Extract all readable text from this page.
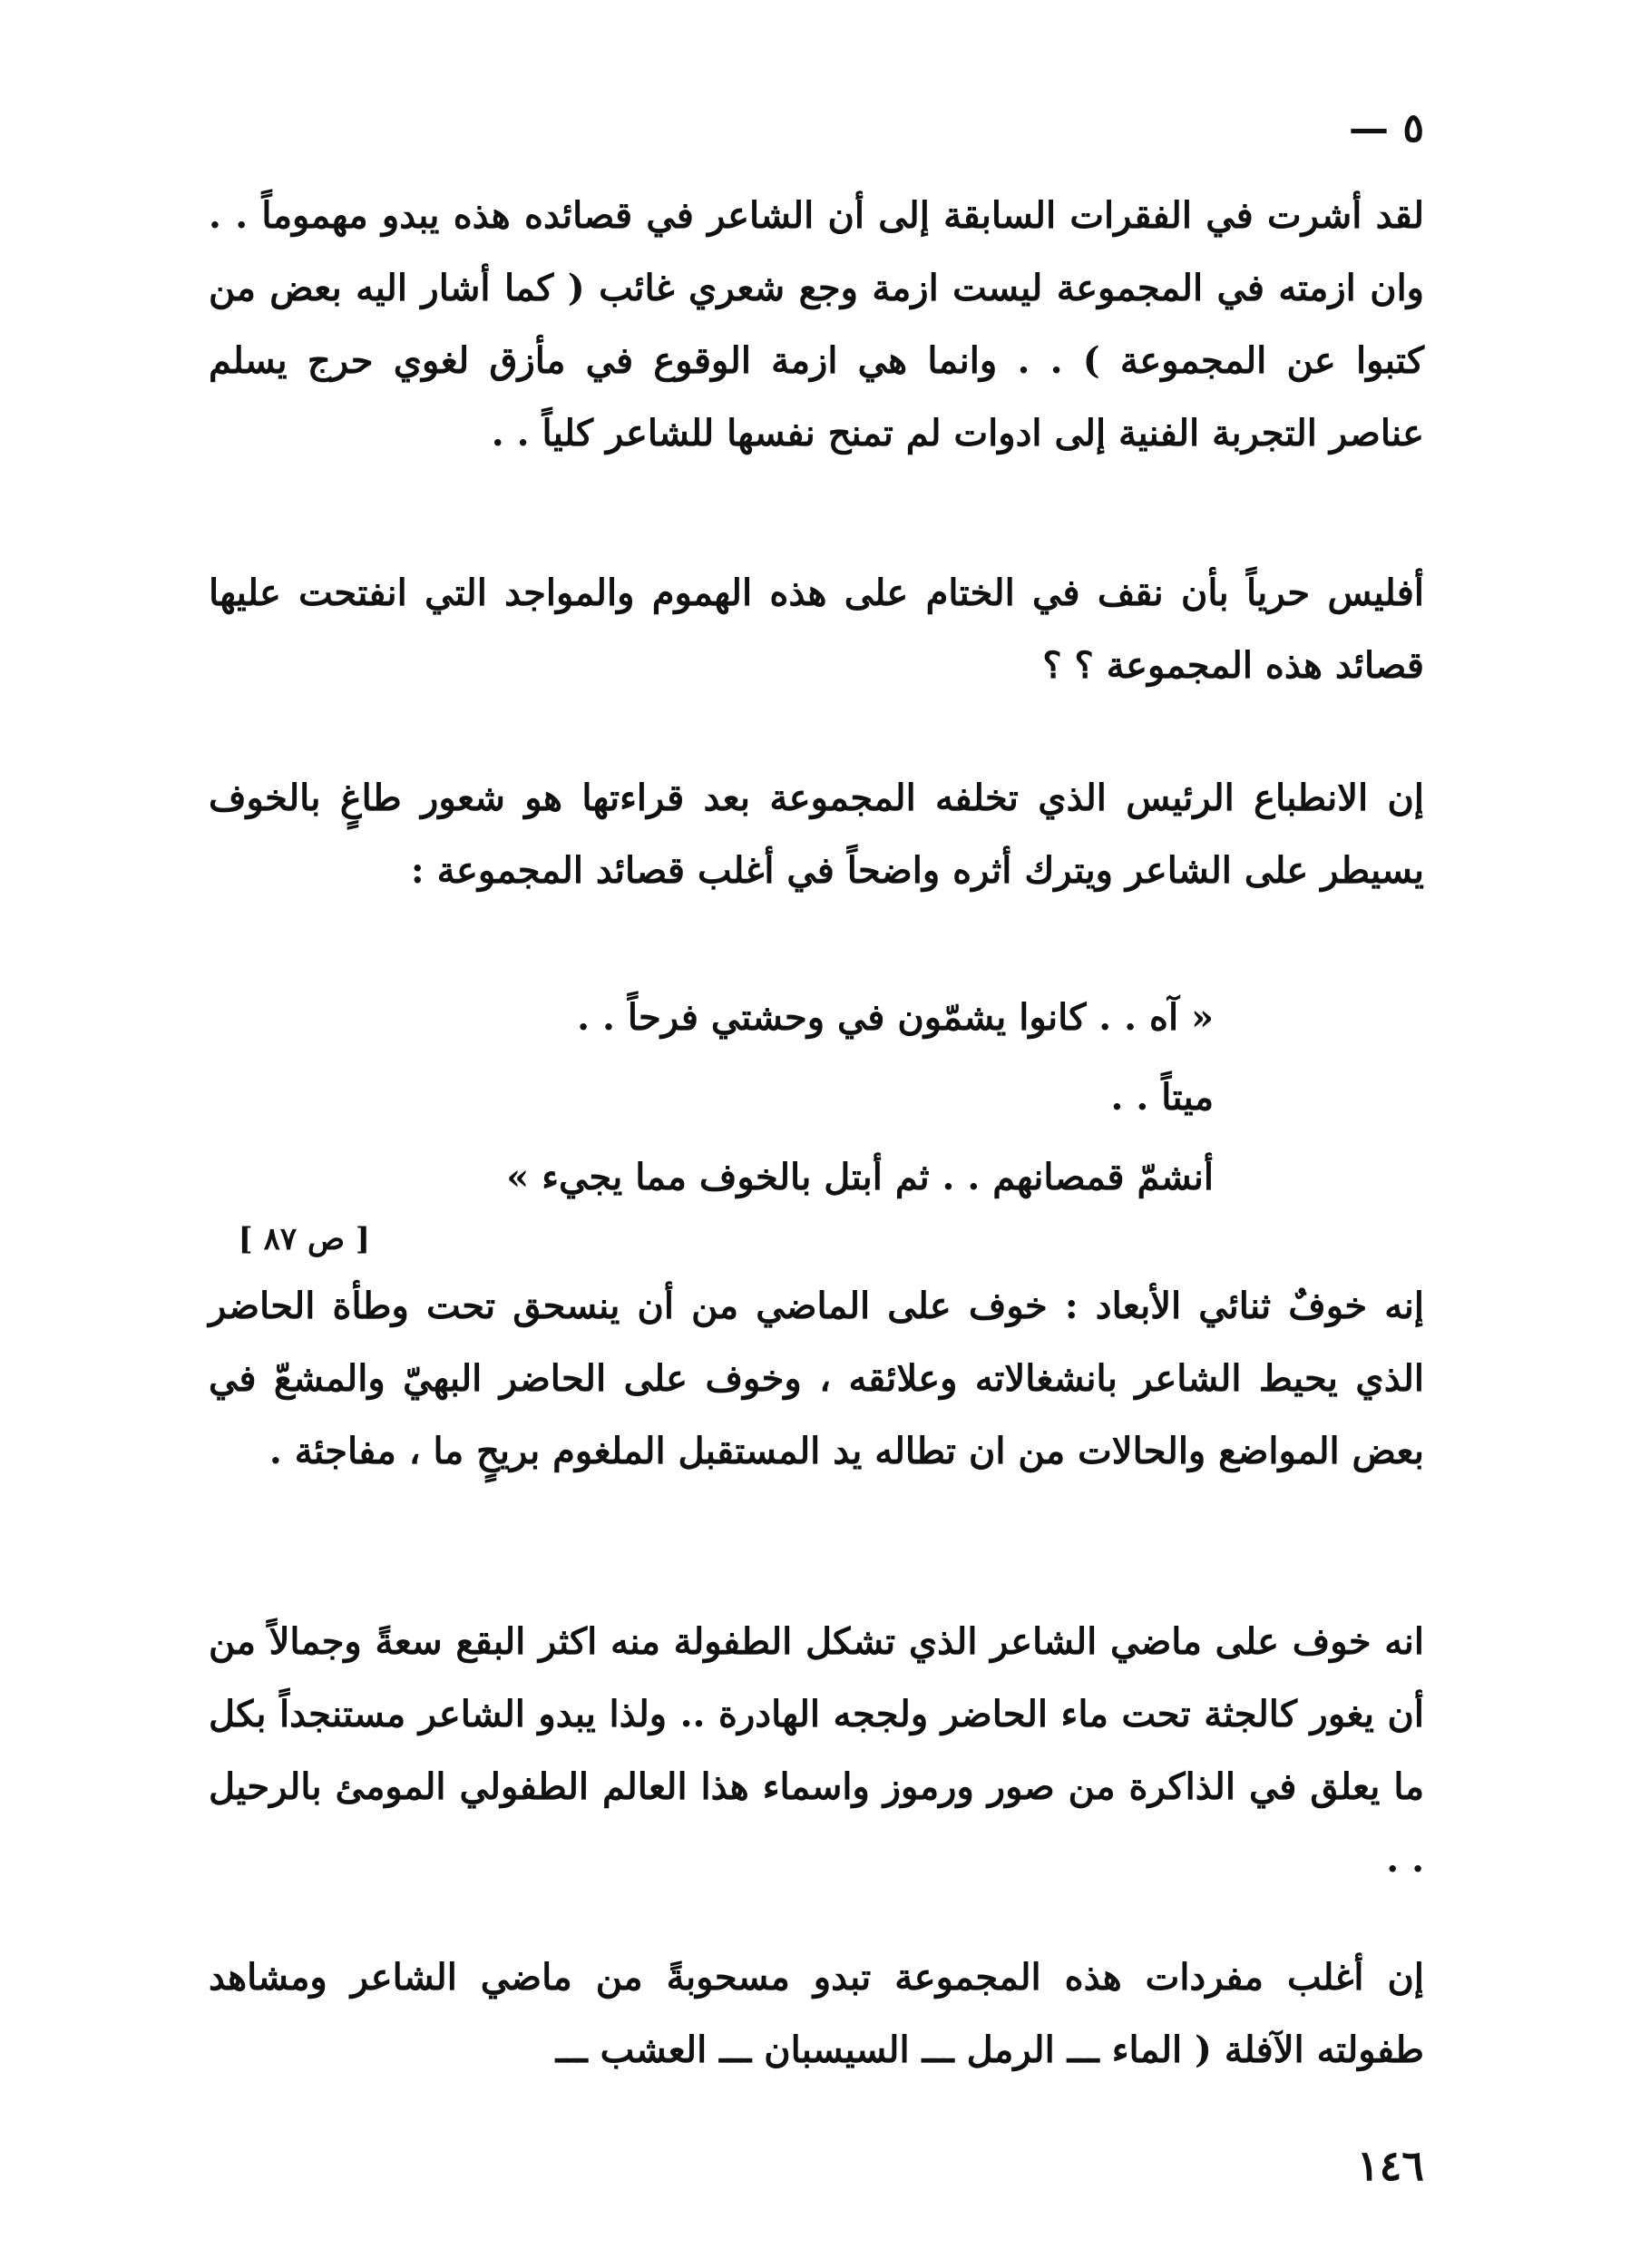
٥ —
لقد أشرت في الفقرات السابقة إلى أن الشاعر في قصائده هذه يبدو مهموماً . . وان ازمته في المجموعة ليست ازمة وجع شعري غائب ( كما أشار اليه بعض من كتبوا عن المجموعة ) . . وانما هي ازمة الوقوع في مأزق لغوي حرج يسلم عناصر التجربة الفنية إلى ادوات لم تمنح نفسها للشاعر كلياً . .
أفليس حرياً بأن نقف في الختام على هذه الهموم والمواجد التي انفتحت عليها قصائد هذه المجموعة ؟ ؟
إن الانطباع الرئيس الذي تخلفه المجموعة بعد قراءتها هو شعور طاغٍ بالخوف يسيطر على الشاعر ويترك أثره واضحاً في أغلب قصائد المجموعة :
« آه . . كانوا يشمّون في وحشتي فرحاً . .
ميتاً . .
أنشمّ قمصانهم . . ثم أبتل بالخوف مما يجيء »
[ ص ٨٧ ]
إنه خوفٌ ثنائي الأبعاد : خوف على الماضي من أن ينسحق تحت وطأة الحاضر الذي يحيط الشاعر بانشغالاته وعلائقه ، وخوف على الحاضر البهيّ والمشعّ في بعض المواضع والحالات من ان تطاله يد المستقبل الملغوم بريحٍ ما ، مفاجئة .
انه خوف على ماضي الشاعر الذي تشكل الطفولة منه اكثر البقع سعةً وجمالاً من أن يغور كالجثة تحت ماء الحاضر ولججه الهادرة .. ولذا يبدو الشاعر مستنجداً بكل ما يعلق في الذاكرة من صور ورموز واسماء هذا العالم الطفولي المومئ بالرحيل . .
إن أغلب مفردات هذه المجموعة تبدو مسحوبةً من ماضي الشاعر ومشاهد طفولته الآفلة ( الماء ـــ الرمل ـــ السيسبان ـــ العشب ـــ
١٤٦
